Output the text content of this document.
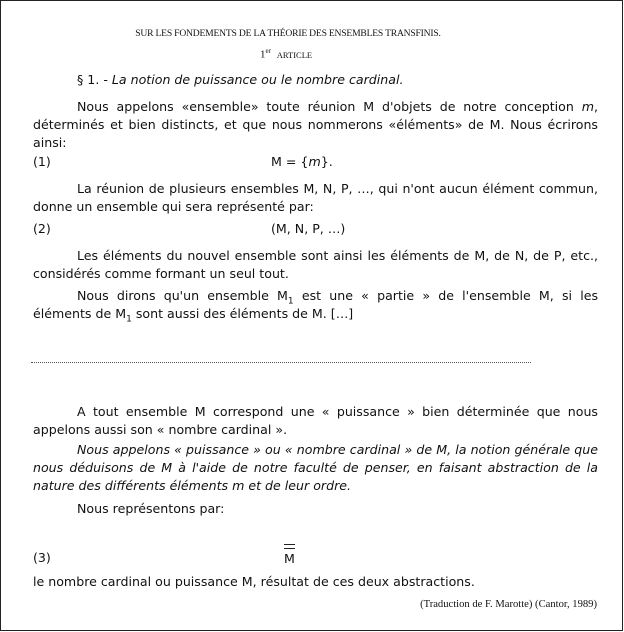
SUR LES FONDEMENTS DE LA THÉORIE DES ENSEMBLES TRANSFINIS.
1er ARTICLE
§ 1. - La notion de puissance ou le nombre cardinal.
Nous appelons «ensemble» toute réunion M d'objets de notre conception m, déterminés et bien distincts, et que nous nommerons «éléments» de M. Nous écrirons ainsi:
(1)	M = {m}.
La réunion de plusieurs ensembles M, N, P, …, qui n'ont aucun élément commun, donne un ensemble qui sera représenté par:
(2)	(M, N, P, …)
Les éléments du nouvel ensemble sont ainsi les éléments de M, de N, de P, etc., considérés comme formant un seul tout.
Nous dirons qu'un ensemble $M_1$ est une « partie » de l'ensemble M, si les éléments de $M_1$ sont aussi des éléments de M. […]
A tout ensemble M correspond une « puissance » bien déterminée que nous appelons aussi son « nombre cardinal ».
Nous appelons « puissance » ou « nombre cardinal » de M, la notion générale que nous déduisons de M à l'aide de notre faculté de penser, en faisant abstraction de la nature des différents éléments m et de leur ordre.
Nous représentons par:
(3)	M
le nombre cardinal ou puissance M, résultat de ces deux abstractions.
(Traduction de F. Marotte) (Cantor, 1989)
